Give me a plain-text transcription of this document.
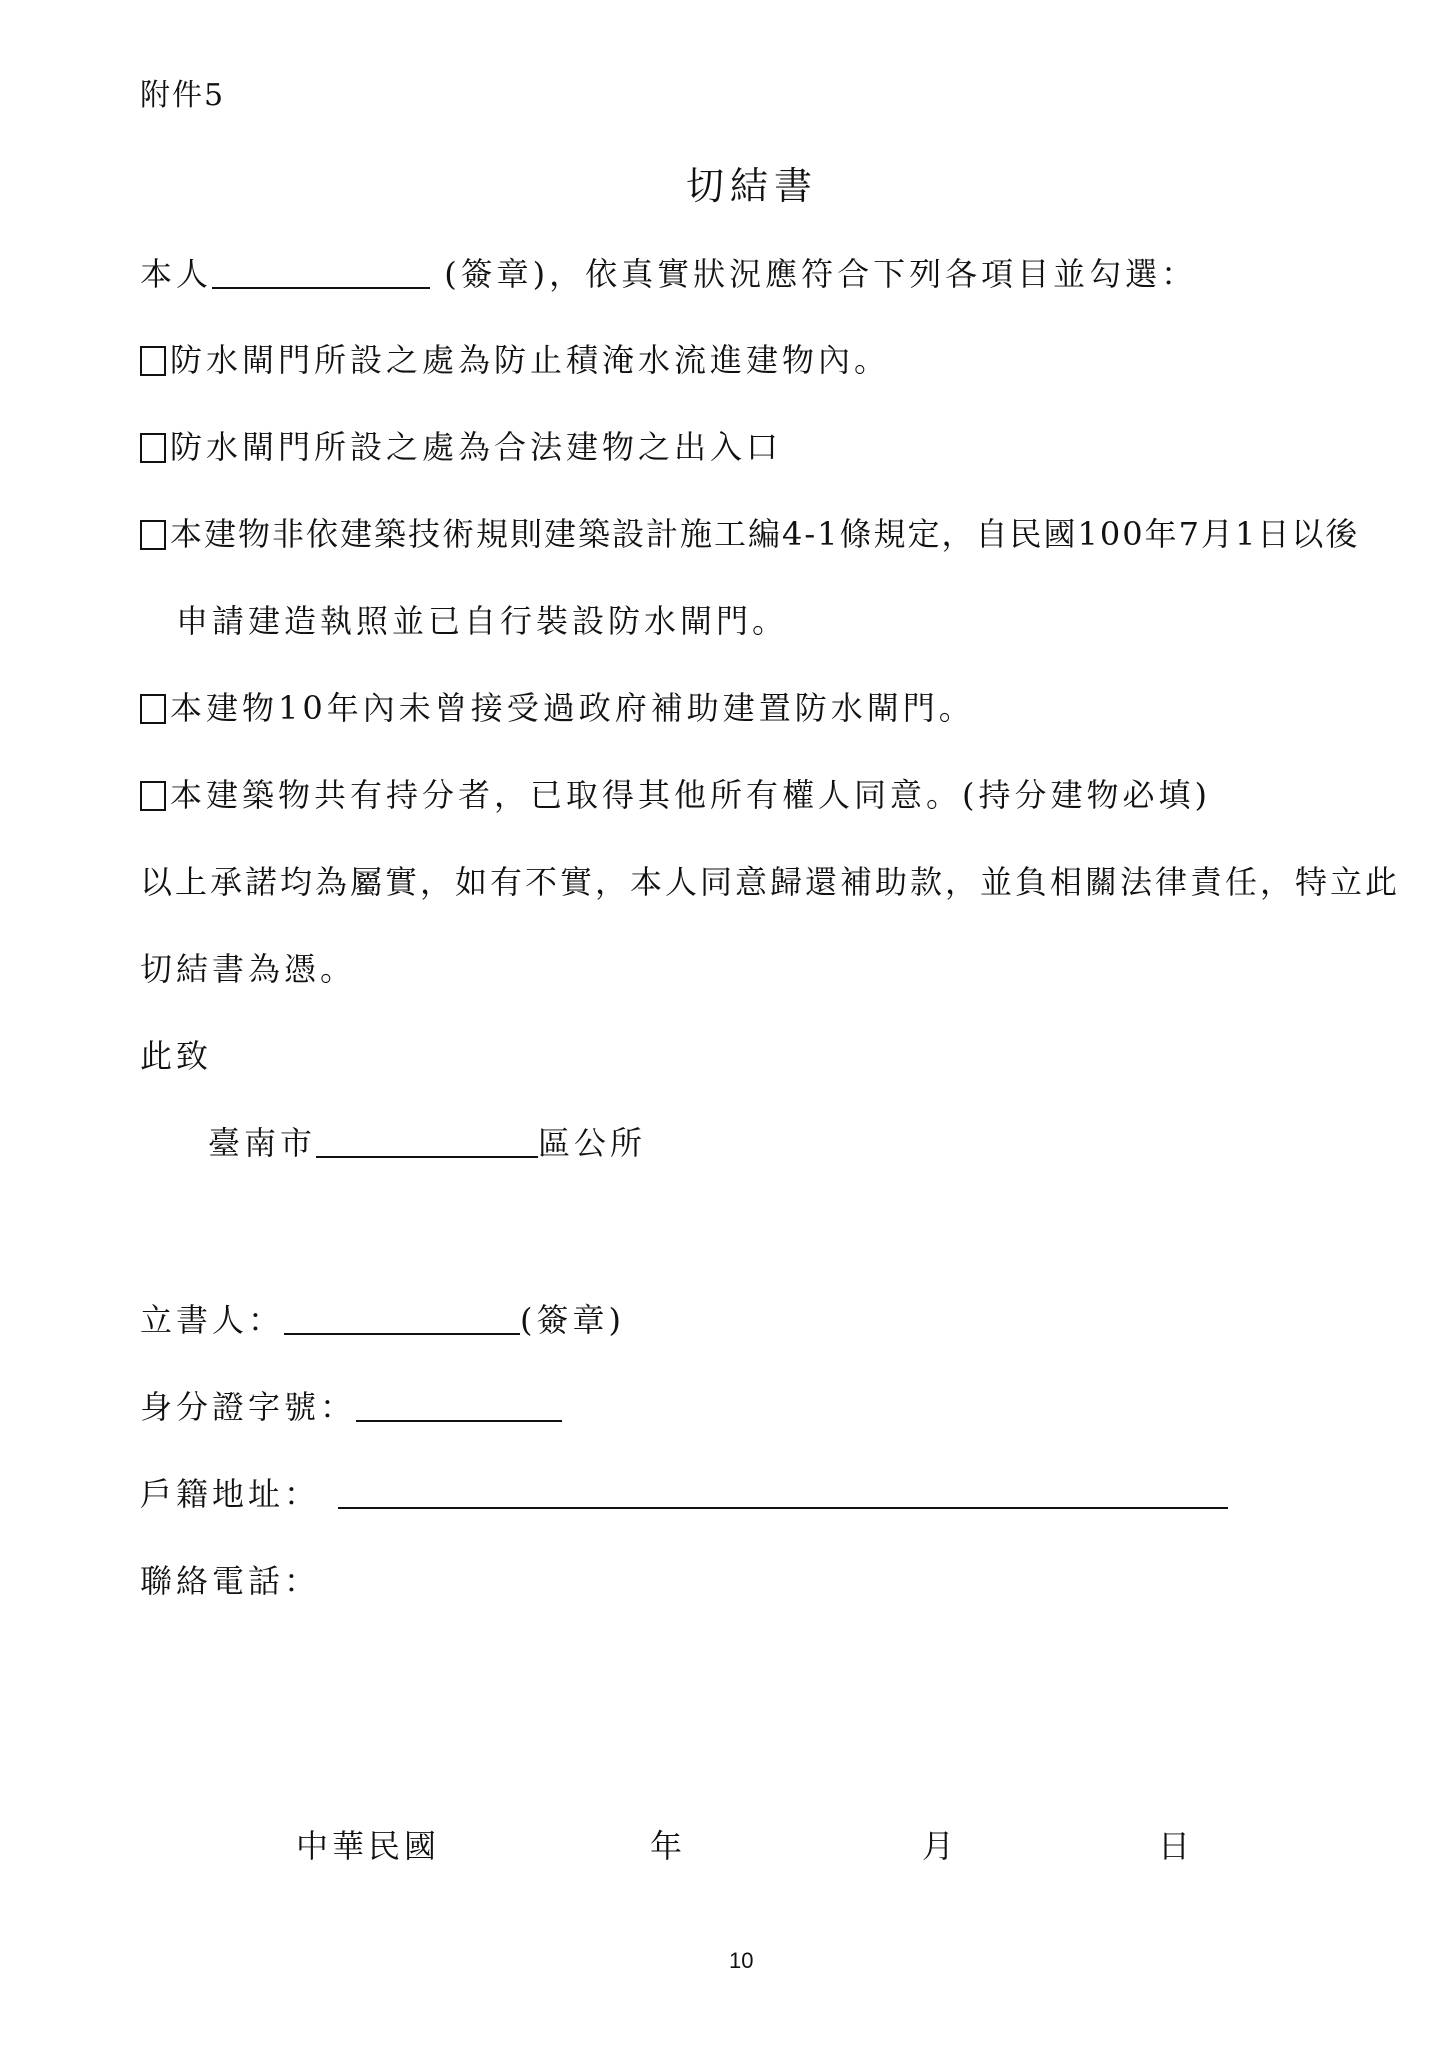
附件5
切結書
本人	(簽章)，依真實狀況應符合下列各項目並勾選：
防水閘門所設之處為防止積淹水流進建物內。
防水閘門所設之處為合法建物之出入口
本建物非依建築技術規則建築設計施工編4-1條規定，自民國100年7月1日以後
申請建造執照並已自行裝設防水閘門。
本建物10年內未曾接受過政府補助建置防水閘門。
本建築物共有持分者，已取得其他所有權人同意。(持分建物必填)
以上承諾均為屬實，如有不實，本人同意歸還補助款，並負相關法律責任，特立此
切結書為憑。
此致
臺南市	區公所
立書人：	(簽章)
身分證字號：
戶籍地址：
聯絡電話：
中華民國	年	月	日
10
